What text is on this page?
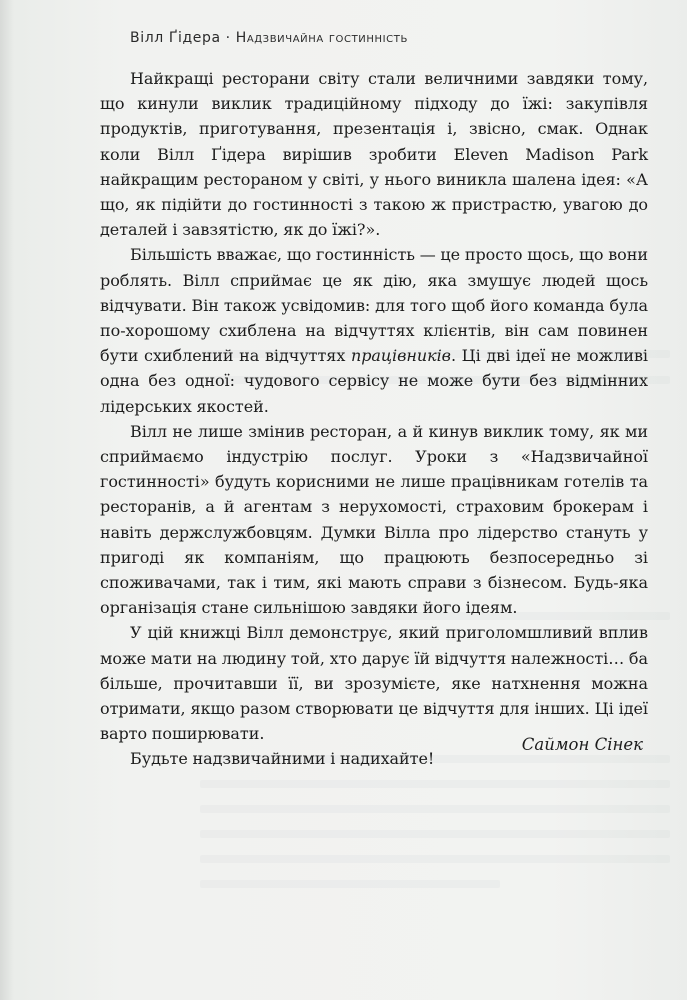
Вілл Ґідера · Надзвичайна гостинність

Найкращі ресторани світу стали величними завдяки тому, що кинули виклик традиційному підходу до їжі: закупівля продуктів, приготування, презентація і, звісно, смак. Однак коли Вілл Ґідера вирішив зробити Eleven Madison Park найкращим рестораном у світі, у нього виникла шалена ідея: «А що, як підійти до гостинності з такою ж пристрастю, увагою до деталей і завзятістю, як до їжі?».

Більшість вважає, що гостинність — це просто щось, що вони роблять. Вілл сприймає це як дію, яка змушує людей щось відчувати. Він також усвідомив: для того щоб його команда була по-хорошому схиблена на відчуттях клієнтів, він сам повинен бути схиблений на відчуттях працівників. Ці дві ідеї не можливі одна без одної: чудового сервісу не може бути без відмінних лідерських якостей.

Вілл не лише змінив ресторан, а й кинув виклик тому, як ми сприймаємо індустрію послуг. Уроки з «Надзвичайної гостинності» будуть корисними не лише працівникам готелів та ресторанів, а й агентам з нерухомості, страховим брокерам і навіть держслужбовцям. Думки Вілла про лідерство стануть у пригоді як компаніям, що працюють безпосередньо зі споживачами, так і тим, які мають справи з бізнесом. Будь-яка організація стане сильнішою завдяки його ідеям.

У цій книжці Вілл демонструє, який приголомшливий вплив може мати на людину той, хто дарує їй відчуття належності… ба більше, прочитавши її, ви зрозумієте, яке натхнення можна отримати, якщо разом створювати це відчуття для інших. Ці ідеї варто поширювати.

Будьте надзвичайними і надихайте!

Саймон Сінек
